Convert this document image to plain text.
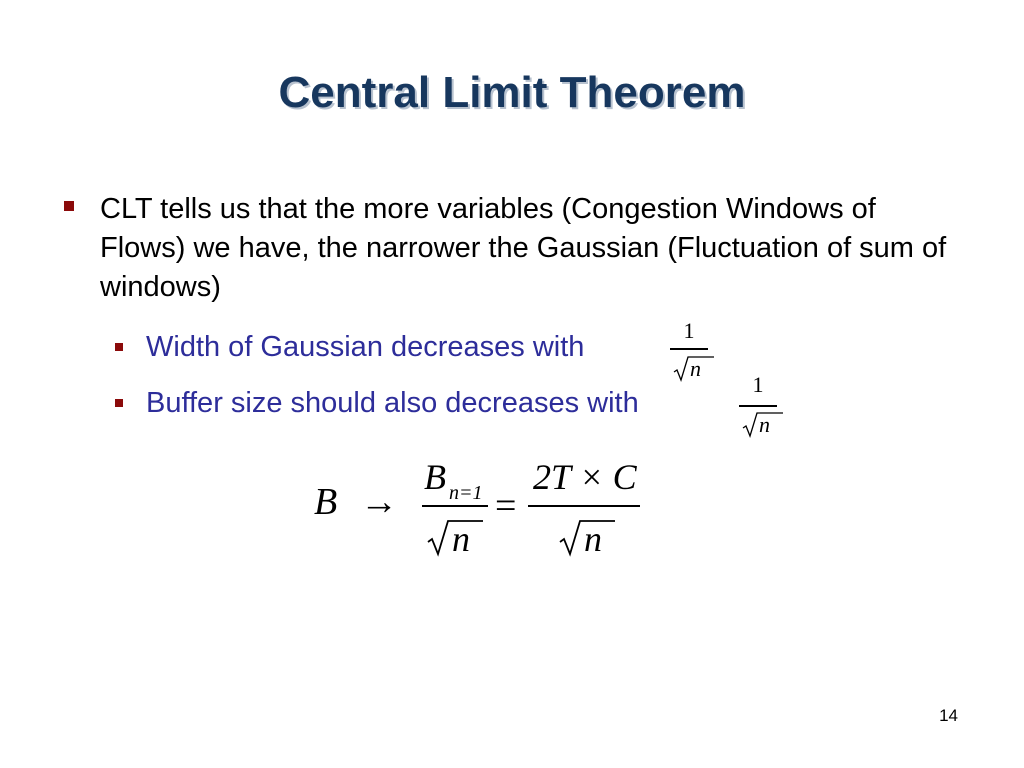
Central Limit Theorem
CLT tells us that the more variables (Congestion Windows of Flows) we have, the narrower the Gaussian (Fluctuation of sum of windows)
Width of Gaussian decreases with
1
n
Buffer size should also decreases with
1
n
B →
B n=1
n
=
2T × C
n
14
